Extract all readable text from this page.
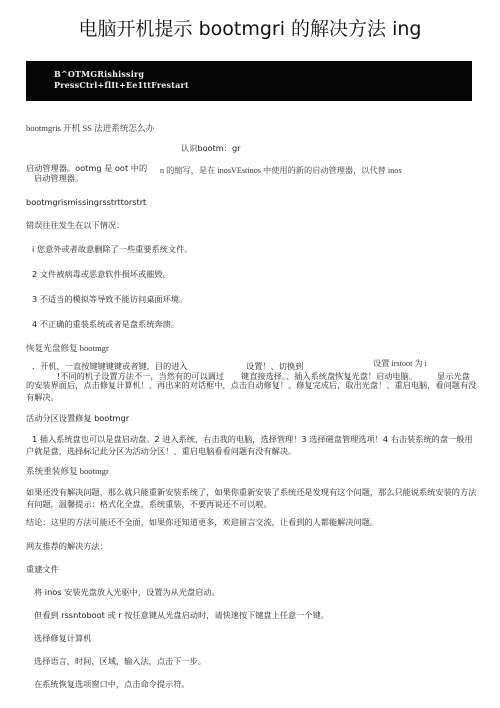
电脑开机提示 bootmgri 的解决方法 ing
B^OTMGRishissirg
PressCtrl+flIt+Ee1ttFrestart
bootmgris 开机 SS 法进系统怎么办
认识bootm：gr
启动管理器。ootmg 是 oot 中的 n 的缩写，是在 inosVEstinos 中使用的新的启动管理器，以代替 inos
启动管理器。
bootmgrismissingrsstrttorstrt
错误往往发生在以下情况：
i 您意外或者故意删除了一些重要系统文件。
2 文件被病毒或恶意软件损坏或摧毁。
3 不适当的模拟等导致不能访问桌面环境。
4 不正确的重装系统或者是盘系统奔溃。
恢复光盘修复 bootmgr
．开机，一直按键键键键或者键，目的进入	设置！、切换到	设置 irstoot 为 i
!不同的机子设置方法不一，当然有的可以调过 键直接选择。、插入系统盘恢复光盘！启动电脑。 显示光盘
的安装界面后，点击修复计算机！、再出来的对话框中，点击自动修复！、修复完成后，取出光盘！、重启电脑，看问题有没有解决。
活动分区设置修复 bootmgr
1 插入系统盘也可以是盘启动盘。2 进入系统，右击我的电脑，选择管理！3 选择磁盘管理选项！4 右击装系统的盘一般用户就是盘，选择标记此分区为活动分区！、重启电脑看看问题有没有解决。
系统重装修复 bootmgr
如果还没有解决问题，那么就只能重新安装系统了，如果你重新安装了系统还是发现有这个问题，那么只能说系统安装的方法有问题，温馨提示：格式化全盘，系统重装，不要再说还不可以啦。
结论：这里的方法可能还不全面，如果你还知道更多，欢迎留言交流，让看到的人都能解决问题。
网友推荐的解决方法：
重建文件
将 inos 安装光盘放入光驱中，设置为从光盘启动。
但看到 rssntoboot 或 r 按任意键从光盘启动时，请快速按下键盘上任意一个键。
选择修复计算机
选择语言，时间，区域，输入法，点击下一步。
在系统恢复选项窗口中，点击命令提示符。
